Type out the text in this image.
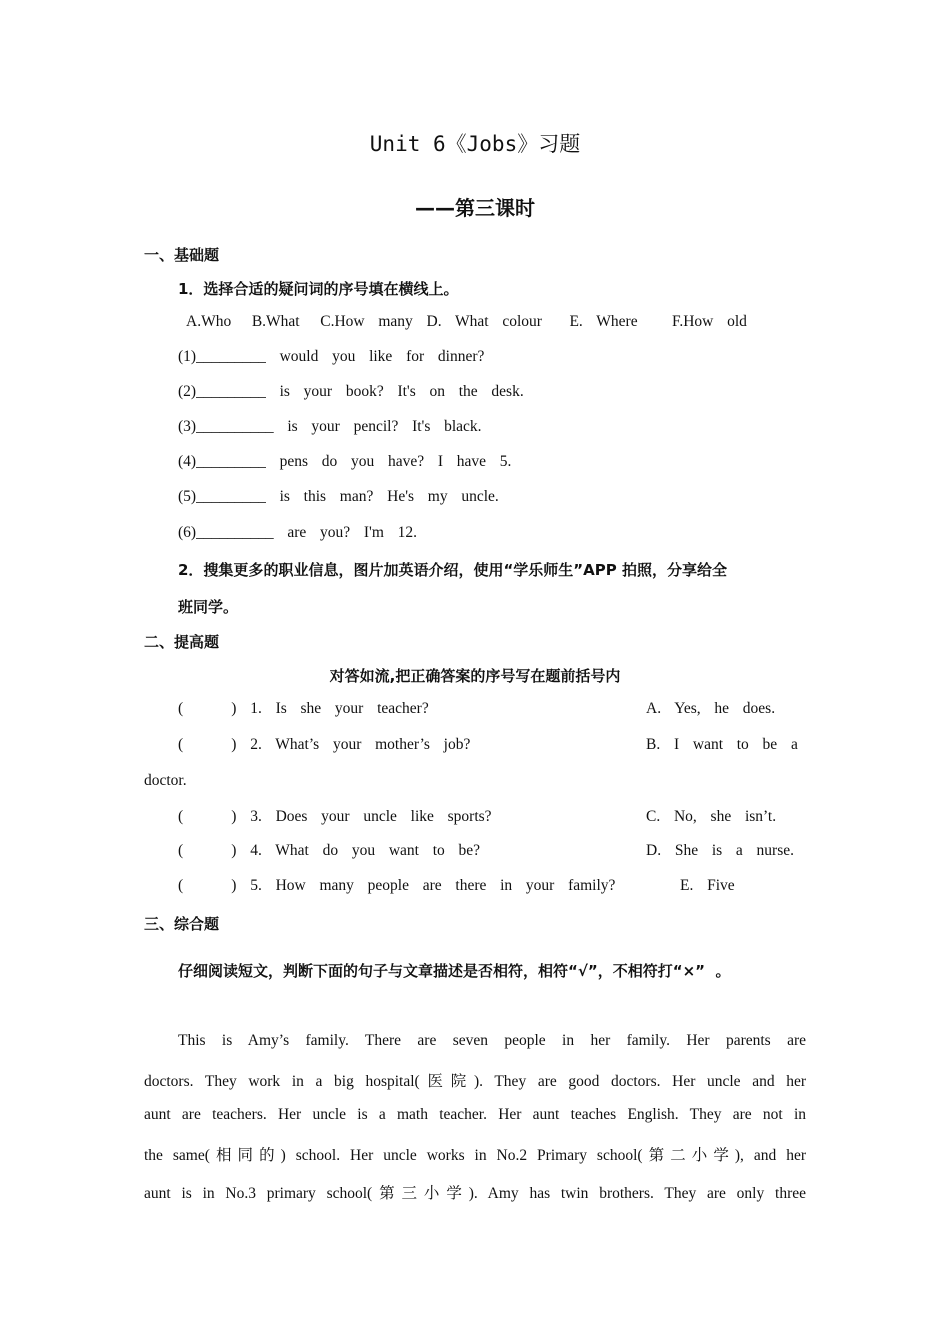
Unit 6《Jobs》习题
——第三课时
一、基础题
1．选择合适的疑问词的序号填在横线上。
A.Who   B.What   C.How  many  D.  What  colour    E.  Where     F.How  old
(1)_________  would  you  like  for  dinner?
(2)_________  is  your  book?  It's  on  the  desk.
(3)__________  is  your  pencil?  It's  black.
(4)_________  pens  do  you  have?  I  have  5.
(5)_________  is  this  man?  He's  my  uncle.
(6)__________  are  you?  I'm  12.
2．搜集更多的职业信息，图片加英语介绍，使用“学乐师生”APP 拍照，分享给全
班同学。
二、提高题
对答如流,把正确答案的序号写在题前括号内
(       )  1.  Is  she  your  teacher?	A.  Yes,  he  does.
(       )  2.  What’s  your  mother’s  job?	B.  I  want  to  be  a
doctor.
(       )  3.  Does  your  uncle  like  sports?	C.  No,  she  isn’t.
(       )  4.  What  do  you  want  to  be?	D.  She  is  a  nurse.
(       )  5.  How  many  people  are  there  in  your  family?	E.  Five
三、综合题
仔细阅读短文，判断下面的句子与文章描述是否相符，相符“√”，不相符打“×”  。
This is Amy’s family. There are seven people in her family. Her parents are
doctors. They work in a big hospital(医院). They are good doctors. Her uncle and her
aunt are teachers. Her uncle is a math teacher. Her aunt teaches English. They are not in
the same(相同的) school. Her uncle works in No.2 Primary school(第二小学), and her
aunt is in No.3 primary school(第三小学). Amy has twin brothers. They are only three
